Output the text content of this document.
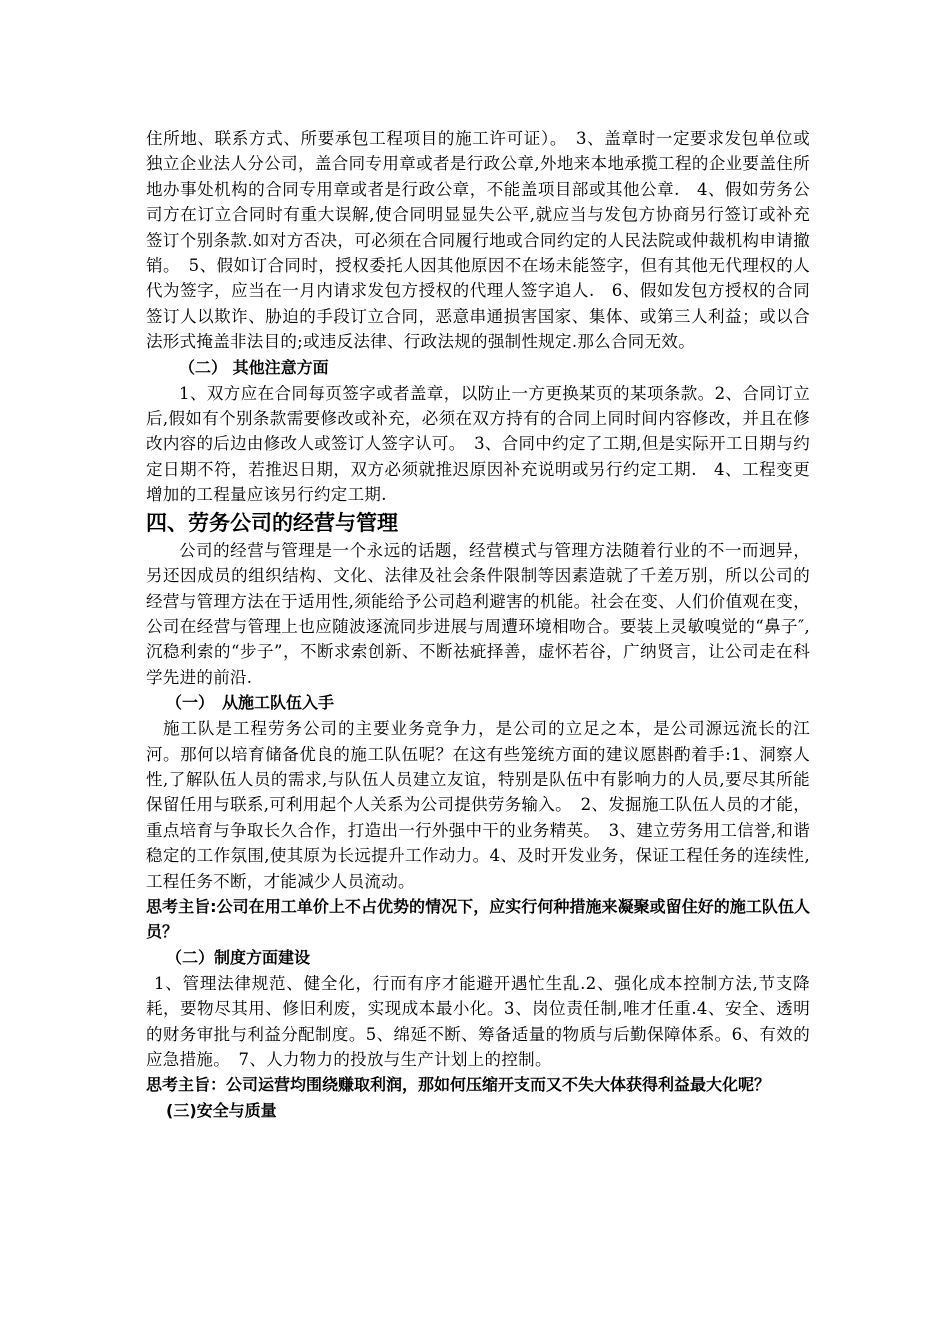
住所地、联系方式、所要承包工程项目的施工许可证）。　3、盖章时一定要求发包单位或独立企业法人分公司，盖合同专用章或者是行政公章,外地来本地承揽工程的企业要盖住所地办事处机构的合同专用章或者是行政公章，不能盖项目部或其他公章.　4、假如劳务公司方在订立合同时有重大误解,使合同明显显失公平,就应当与发包方协商另行签订或补充签订个别条款.如对方否决，可必须在合同履行地或合同约定的人民法院或仲裁机构申请撤销。　5、假如订合同时，授权委托人因其他原因不在场未能签字，但有其他无代理权的人代为签字，应当在一月内请求发包方授权的代理人签字追人.　6、假如发包方授权的合同签订人以欺诈、胁迫的手段订立合同，恶意串通损害国家、集体、或第三人利益；或以合法形式掩盖非法目的;或违反法律、行政法规的强制性规定.那么合同无效。

（二） 其他注意方面

1、双方应在合同每页签字或者盖章，以防止一方更换某页的某项条款。2、合同订立后,假如有个别条款需要修改或补充，必须在双方持有的合同上同时间内容修改，并且在修改内容的后边由修改人或签订人签字认可。　3、合同中约定了工期,但是实际开工日期与约定日期不符，若推迟日期，双方必须就推迟原因补充说明或另行约定工期.　4、工程变更增加的工程量应该另行约定工期.

四、劳务公司的经营与管理

公司的经营与管理是一个永远的话题，经营模式与管理方法随着行业的不一而迥异，另还因成员的组织结构、文化、法律及社会条件限制等因素造就了千差万别，所以公司的经营与管理方法在于适用性,须能给予公司趋利避害的机能。社会在变、人们价值观在变，公司在经营与管理上也应随波逐流同步进展与周遭环境相吻合。要装上灵敏嗅觉的“鼻子″,沉稳利索的“步子”，不断求索创新、不断祛疵择善，虚怀若谷，广纳贤言，让公司走在科学先进的前沿.

（一）　从施工队伍入手

施工队是工程劳务公司的主要业务竞争力，是公司的立足之本，是公司源远流长的江河。那何以培育储备优良的施工队伍呢？在这有些笼统方面的建议愿斟酌着手:1、洞察人性,了解队伍人员的需求,与队伍人员建立友谊，特别是队伍中有影响力的人员,要尽其所能保留任用与联系,可利用起个人关系为公司提供劳务输入。　2、发掘施工队伍人员的才能，重点培育与争取长久合作，打造出一行外强中干的业务精英。　3、建立劳务用工信誉,和谐稳定的工作氛围,使其原为长远提升工作动力。4、及时开发业务，保证工程任务的连续性,工程任务不断，才能减少人员流动。

思考主旨:公司在用工单价上不占优势的情况下，应实行何种措施来凝聚或留住好的施工队伍人员？

（二）制度方面建设

1、管理法律规范、健全化，行而有序才能避开遇忙生乱.2、强化成本控制方法,节支降耗，要物尽其用、修旧利废，实现成本最小化。3、岗位责任制,唯才任重.4、安全、透明的财务审批与利益分配制度。5、绵延不断、筹备适量的物质与后勤保障体系。6、有效的应急措施。　7、人力物力的投放与生产计划上的控制。

思考主旨：公司运营均围绕赚取利润，那如何压缩开支而又不失大体获得利益最大化呢？

(三)安全与质量
